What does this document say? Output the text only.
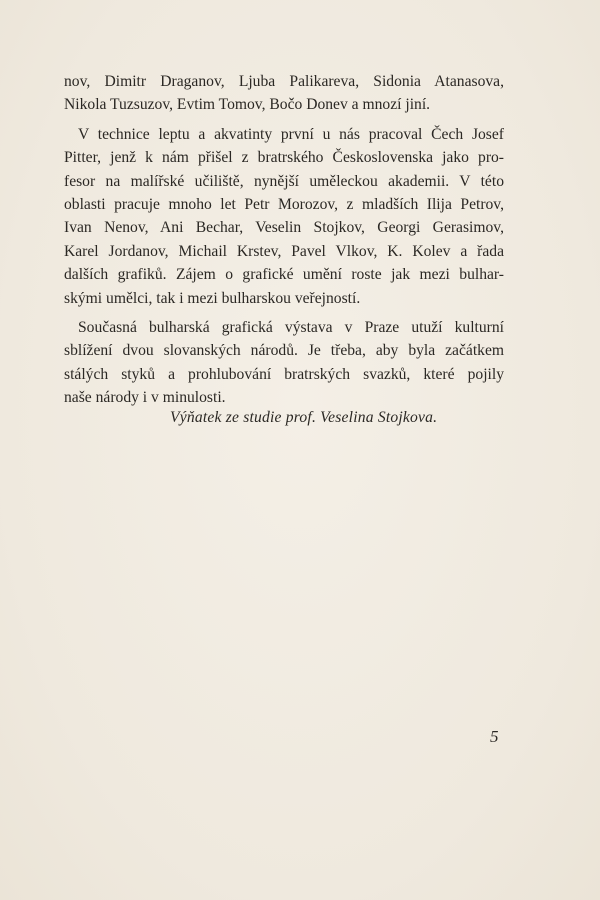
nov, Dimitr Draganov, Ljuba Palikareva, Sidonia Atanasova,
Nikola Tuzsuzov, Evtim Tomov, Bočo Donev a mnozí jiní.

V technice leptu a akvatinty první u nás pracoval Čech Josef
Pitter, jenž k nám přišel z bratrského Československa jako pro-
fesor na malířské učiliště, nynější uměleckou akademii. V této
oblasti pracuje mnoho let Petr Morozov, z mladších Ilija Petrov,
Ivan Nenov, Ani Bechar, Veselin Stojkov, Georgi Gerasimov,
Karel Jordanov, Michail Krstev, Pavel Vlkov, K. Kolev a řada
dalších grafiků. Zájem o grafické umění roste jak mezi bulhar-
skými umělci, tak i mezi bulharskou veřejností.

Současná bulharská grafická výstava v Praze utuží kulturní
sblížení dvou slovanských národů. Je třeba, aby byla začátkem
stálých styků a prohlubování bratrských svazků, které pojily
naše národy i v minulosti.

Výňatek ze studie prof. Veselina Stojkova.
5
